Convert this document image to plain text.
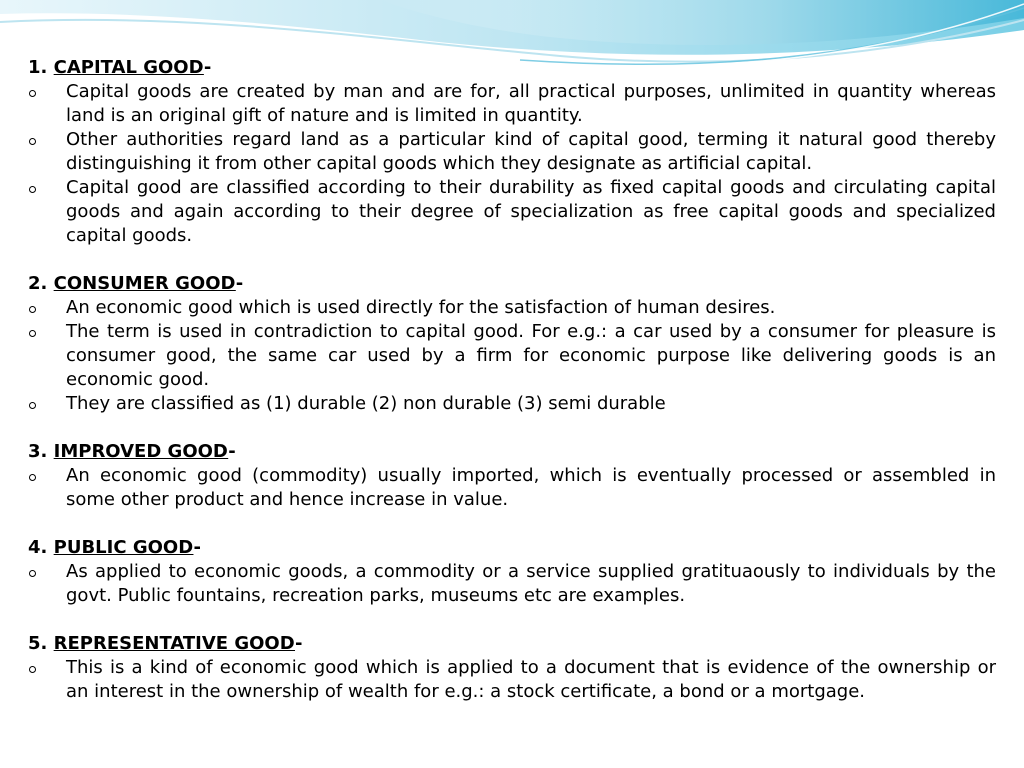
1. CAPITAL GOOD-

Capital goods are created by man and are for, all practical purposes, unlimited in quantity whereas land is an original gift of nature and is limited in quantity.
Other authorities regard land as a particular kind of capital good, terming it natural good thereby distinguishing it from other capital goods which they designate as artificial capital.
Capital good are classified according to their durability as fixed capital goods and circulating capital goods and again according to their degree of specialization as free capital goods and specialized capital goods.

2. CONSUMER GOOD-

An economic good which is used directly for the satisfaction of human desires.
The term is used in contradiction to capital good. For e.g.: a car used by a consumer for pleasure is consumer good, the same car used by a firm for economic purpose like delivering goods is an economic good.
They are classified as (1) durable (2) non durable (3) semi durable

3. IMPROVED GOOD-

An economic good (commodity) usually imported, which is eventually processed or assembled in some other product and hence increase in value.

4. PUBLIC GOOD-

As applied to economic goods, a commodity or a service supplied gratituaously to individuals by the govt. Public fountains, recreation parks, museums etc are examples.

5. REPRESENTATIVE GOOD-

This is a kind of economic good which is applied to a document that is evidence of the ownership or an interest in the ownership of wealth for e.g.: a stock certificate, a bond or a mortgage.
